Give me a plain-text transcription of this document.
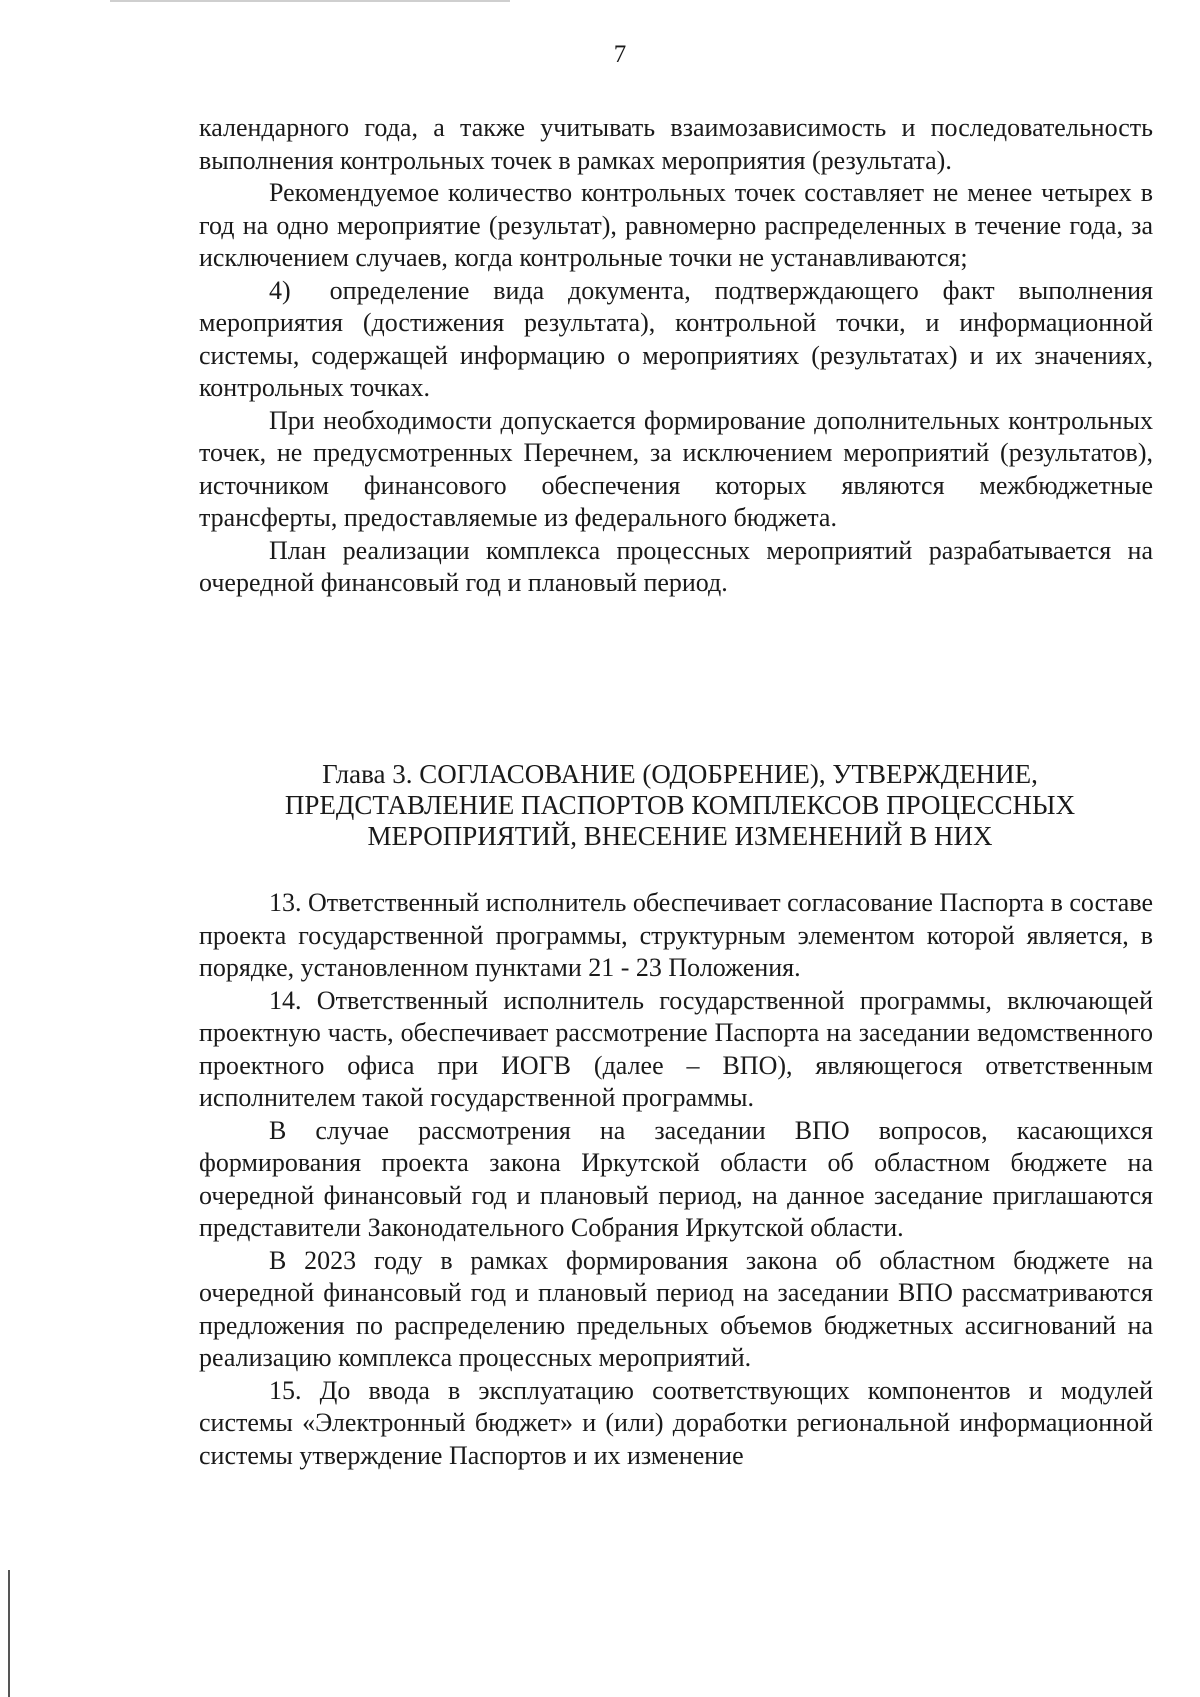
7

календарного года, а также учитывать взаимозависимость и последовательность выполнения контрольных точек в рамках мероприятия (результата).

Рекомендуемое количество контрольных точек составляет не менее четырех в год на одно мероприятие (результат), равномерно распределенных в течение года, за исключением случаев, когда контрольные точки не устанавливаются;

4)  определение вида документа, подтверждающего факт выполнения мероприятия (достижения результата), контрольной точки, и информационной системы, содержащей информацию о мероприятиях (результатах) и их значениях, контрольных точках.

При необходимости допускается формирование дополнительных контрольных точек, не предусмотренных Перечнем, за исключением мероприятий (результатов), источником финансового обеспечения которых являются межбюджетные трансферты, предоставляемые из федерального бюджета.

План реализации комплекса процессных мероприятий разрабатывается на очередной финансовый год и плановый период.

Глава 3. СОГЛАСОВАНИЕ (ОДОБРЕНИЕ), УТВЕРЖДЕНИЕ,
ПРЕДСТАВЛЕНИЕ ПАСПОРТОВ КОМПЛЕКСОВ ПРОЦЕССНЫХ
МЕРОПРИЯТИЙ, ВНЕСЕНИЕ ИЗМЕНЕНИЙ В НИХ

13. Ответственный исполнитель обеспечивает согласование Паспорта в составе проекта государственной программы, структурным элементом которой является, в порядке, установленном пунктами 21 - 23 Положения.

14. Ответственный исполнитель государственной программы, включающей проектную часть, обеспечивает рассмотрение Паспорта на заседании ведомственного проектного офиса при ИОГВ (далее – ВПО), являющегося ответственным исполнителем такой государственной программы.

В случае рассмотрения на заседании ВПО вопросов, касающихся формирования проекта закона Иркутской области об областном бюджете на очередной финансовый год и плановый период, на данное заседание приглашаются представители Законодательного Собрания Иркутской области.

В 2023 году в рамках формирования закона об областном бюджете на очередной финансовый год и плановый период на заседании ВПО рассматриваются предложения по распределению предельных объемов бюджетных ассигнований на реализацию комплекса процессных мероприятий.

15. До ввода в эксплуатацию соответствующих компонентов и модулей системы «Электронный бюджет» и (или) доработки региональной информационной системы утверждение Паспортов и их изменение
